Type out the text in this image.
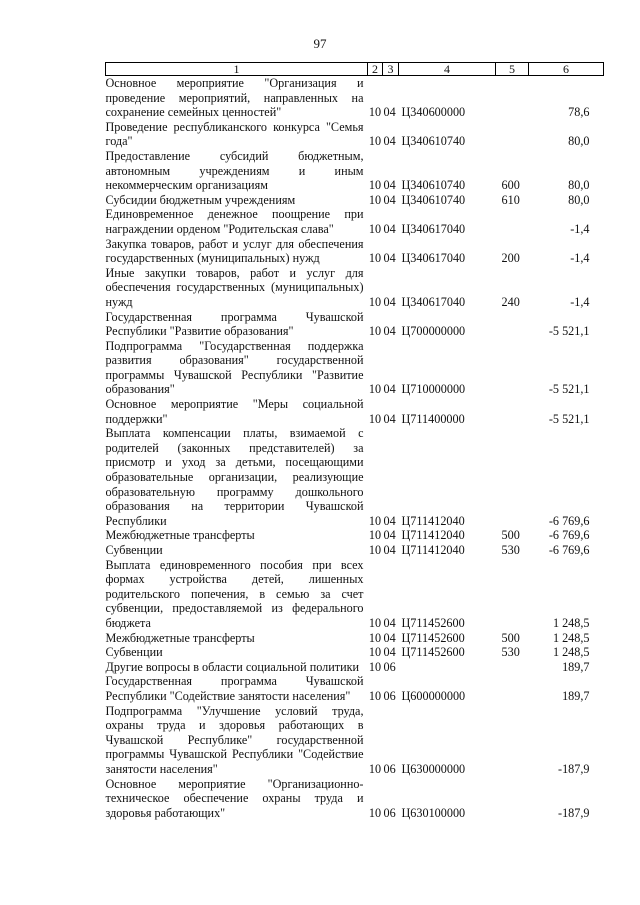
97
1	2	3	4	5	6
Основное мероприятие "Организация и проведение мероприятий, направленных на сохранение семейных ценностей"	10	04	Ц340600000		78,6
Проведение республиканского конкурса "Семья года"	10	04	Ц340610740		80,0
Предоставление субсидий бюджетным, автономным учреждениям и иным некоммерческим организациям	10	04	Ц340610740	600	80,0
Субсидии бюджетным учреждениям	10	04	Ц340610740	610	80,0
Единовременное денежное поощрение при награждении орденом "Родительская слава"	10	04	Ц340617040		-1,4
Закупка товаров, работ и услуг для обеспечения государственных (муниципальных) нужд	10	04	Ц340617040	200	-1,4
Иные закупки товаров, работ и услуг для обеспечения государственных (муниципальных) нужд	10	04	Ц340617040	240	-1,4
Государственная программа Чувашской Республики "Развитие образования"	10	04	Ц700000000		-5 521,1
Подпрограмма "Государственная поддержка развития образования" государственной программы Чувашской Республики "Развитие образования"	10	04	Ц710000000		-5 521,1
Основное мероприятие "Меры социальной поддержки"	10	04	Ц711400000		-5 521,1
Выплата компенсации платы, взимаемой с родителей (законных представителей) за присмотр и уход за детьми, посещающими образовательные организации, реализующие образовательную программу дошкольного образования на территории Чувашской Республики	10	04	Ц711412040		-6 769,6
Межбюджетные трансферты	10	04	Ц711412040	500	-6 769,6
Субвенции	10	04	Ц711412040	530	-6 769,6
Выплата единовременного пособия при всех формах устройства детей, лишенных родительского попечения, в семью за счет субвенции, предоставляемой из федерального бюджета	10	04	Ц711452600		1 248,5
Межбюджетные трансферты	10	04	Ц711452600	500	1 248,5
Субвенции	10	04	Ц711452600	530	1 248,5
Другие вопросы в области социальной политики	10	06			189,7
Государственная программа Чувашской Республики "Содействие занятости населения"	10	06	Ц600000000		189,7
Подпрограмма "Улучшение условий труда, охраны труда и здоровья работающих в Чувашской Республике" государственной программы Чувашской Республики "Содействие занятости населения"	10	06	Ц630000000		-187,9
Основное мероприятие "Организационно-техническое обеспечение охраны труда и здоровья работающих"	10	06	Ц630100000		-187,9
